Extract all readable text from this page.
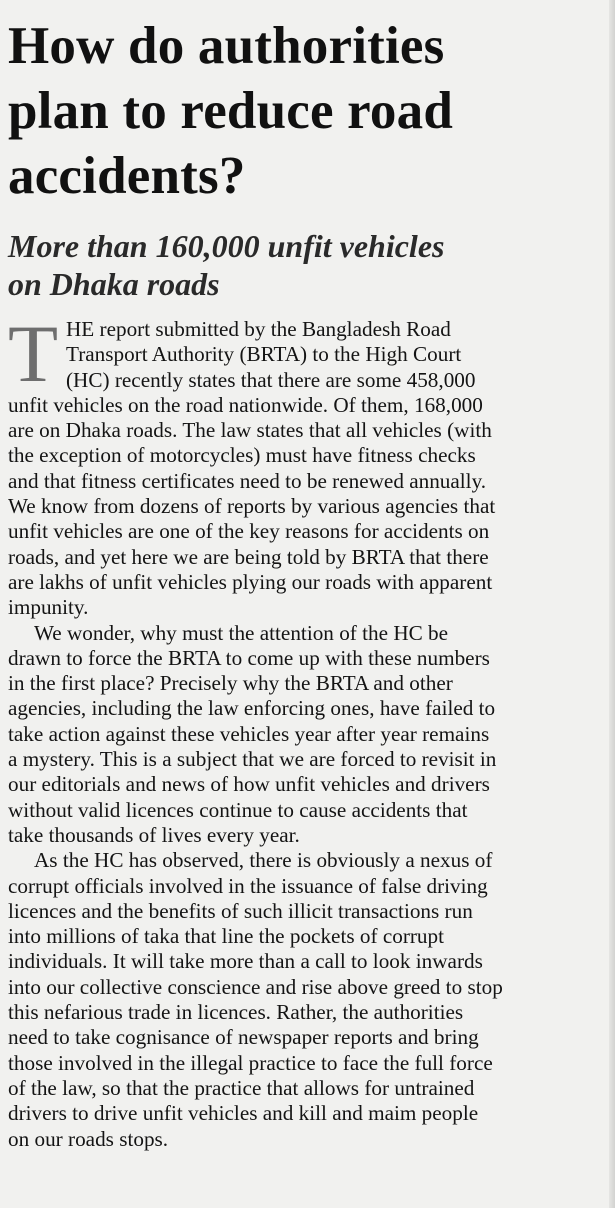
How do authorities
plan to reduce road
accidents?
More than 160,000 unfit vehicles
on Dhaka roads
T HE report submitted by the Bangladesh Road
Transport Authority (BRTA) to the High Court
(HC) recently states that there are some 458,000
unfit vehicles on the road nationwide. Of them, 168,000
are on Dhaka roads. The law states that all vehicles (with
the exception of motorcycles) must have fitness checks
and that fitness certificates need to be renewed annually.
We know from dozens of reports by various agencies that
unfit vehicles are one of the key reasons for accidents on
roads, and yet here we are being told by BRTA that there
are lakhs of unfit vehicles plying our roads with apparent
impunity.
We wonder, why must the attention of the HC be
drawn to force the BRTA to come up with these numbers
in the first place? Precisely why the BRTA and other
agencies, including the law enforcing ones, have failed to
take action against these vehicles year after year remains
a mystery. This is a subject that we are forced to revisit in
our editorials and news of how unfit vehicles and drivers
without valid licences continue to cause accidents that
take thousands of lives every year.
As the HC has observed, there is obviously a nexus of
corrupt officials involved in the issuance of false driving
licences and the benefits of such illicit transactions run
into millions of taka that line the pockets of corrupt
individuals. It will take more than a call to look inwards
into our collective conscience and rise above greed to stop
this nefarious trade in licences. Rather, the authorities
need to take cognisance of newspaper reports and bring
those involved in the illegal practice to face the full force
of the law, so that the practice that allows for untrained
drivers to drive unfit vehicles and kill and maim people
on our roads stops.
